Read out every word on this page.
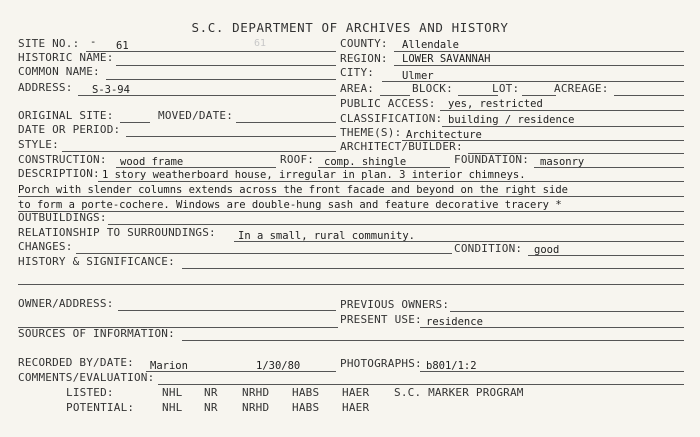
S.C. DEPARTMENT OF ARCHIVES AND HISTORY
SITE NO.: - 61	61	COUNTY: Allendale
HISTORIC NAME:	REGION: LOWER SAVANNAH
COMMON NAME:	CITY:	Ulmer
ADDRESS: S-3-94	AREA:	BLOCK:	LOT:	ACREAGE:
PUBLIC ACCESS: yes, restricted
ORIGINAL SITE:	MOVED/DATE:	CLASSIFICATION: building / residence
DATE OR PERIOD:	THEME(S): Architecture
STYLE:	ARCHITECT/BUILDER:
CONSTRUCTION: wood frame	ROOF: comp. shingle	FOUNDATION: masonry
DESCRIPTION: 1 story weatherboard house, irregular in plan. 3 interior chimneys.
Porch with slender columns extends across the front facade and beyond on the right side
to form a porte-cochere. Windows are double-hung sash and feature decorative tracery *
OUTBUILDINGS:
RELATIONSHIP TO SURROUNDINGS: In a small, rural community.
CHANGES:	CONDITION: good
HISTORY & SIGNIFICANCE:
OWNER/ADDRESS:	PREVIOUS OWNERS:
PRESENT USE: residence
SOURCES OF INFORMATION:
RECORDED BY/DATE: Marion	1/30/80	PHOTOGRAPHS: b801/1:2
COMMENTS/EVALUATION:
LISTED:	NHL NR NRHD HABS HAER S.C. MARKER PROGRAM
POTENTIAL:	NHL NR NRHD HABS HAER
